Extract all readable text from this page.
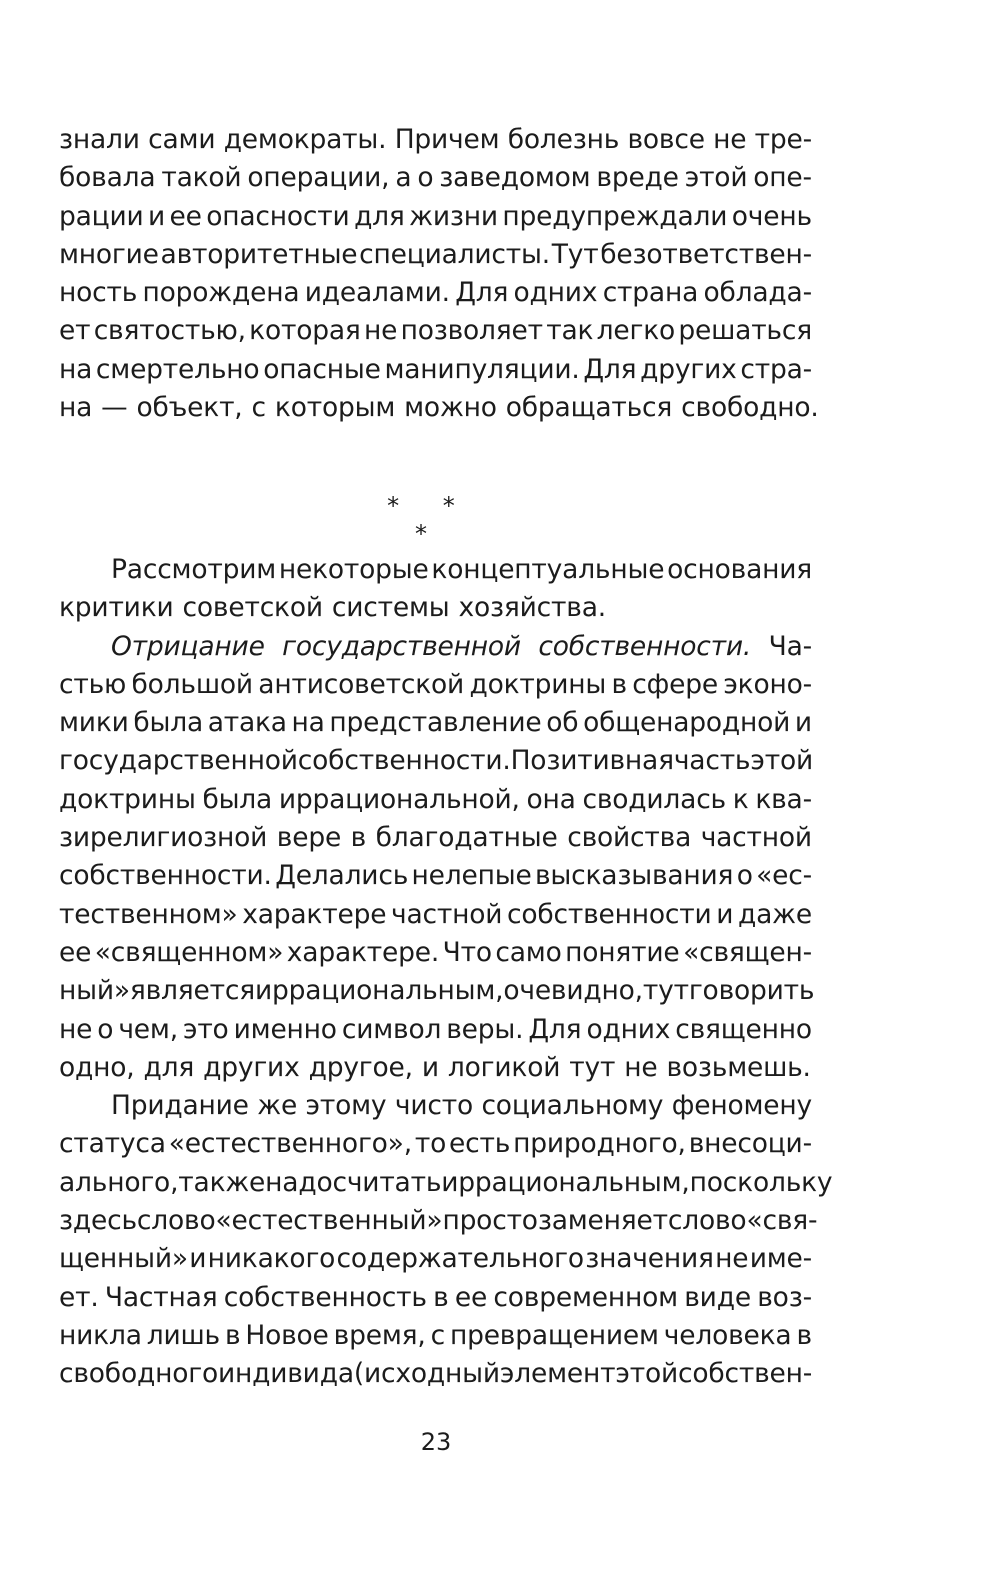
знали сами демократы. Причем болезнь вовсе не тре-
бовала такой операции, а о заведомом вреде этой опе-
рации и ее опасности для жизни предупреждали очень
многие авторитетные специалисты. Тут безответствен-
ность порождена идеалами. Для одних страна облада-
ет святостью, которая не позволяет так легко решаться
на смертельно опасные манипуляции. Для других стра-
на — объект, с которым можно обращаться свободно.
* * *
Рассмотрим некоторые концептуальные основания
критики советской системы хозяйства.
Отрицание государственной собственности. Ча-
стью большой антисоветской доктрины в сфере эконо-
мики была атака на представление об общенародной и
государственной собственности. Позитивная часть этой
доктрины была иррациональной, она сводилась к ква-
зирелигиозной вере в благодатные свойства частной
собственности. Делались нелепые высказывания о «ес-
тественном» характере частной собственности и даже
ее «священном» характере. Что само понятие «священ-
ный» является иррациональным, очевидно, тут говорить
не о чем, это именно символ веры. Для одних священно
одно, для других другое, и логикой тут не возьмешь.
Придание же этому чисто социальному феномену
статуса «естественного», то есть природного, внесоци-
ального, также надо считать иррациональным, поскольку
здесь слово «естественный» просто заменяет слово «свя-
щенный» и никакого содержательного значения не име-
ет. Частная собственность в ее современном виде воз-
никла лишь в Новое время, с превращением человека в
свободного индивида (исходный элемент этой собствен-
23
